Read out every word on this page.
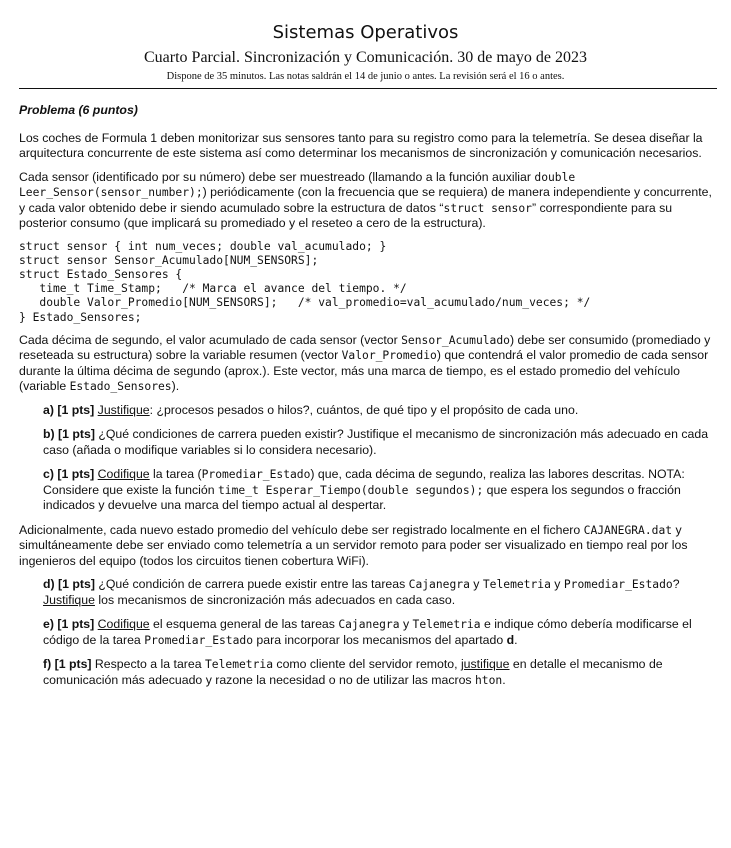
Sistemas Operativos
Cuarto Parcial. Sincronización y Comunicación. 30 de mayo de 2023
Dispone de 35 minutos. Las notas saldrán el 14 de junio o antes. La revisión será el 16 o antes.

Problema (6 puntos)

Los coches de Formula 1 deben monitorizar sus sensores tanto para su registro como para la telemetría. Se desea diseñar la arquitectura concurrente de este sistema así como determinar los mecanismos de sincronización y comunicación necesarios.

Cada sensor (identificado por su número) debe ser muestreado (llamando a la función auxiliar double Leer_Sensor(sensor_number);) periódicamente (con la frecuencia que se requiera) de manera independiente y concurrente, y cada valor obtenido debe ir siendo acumulado sobre la estructura de datos “struct sensor” correspondiente para su posterior consumo (que implicará su promediado y el reseteo a cero de la estructura).

struct sensor { int num_veces; double val_acumulado; }
struct sensor Sensor_Acumulado[NUM_SENSORS];
struct Estado_Sensores {
time_t Time_Stamp;   /* Marca el avance del tiempo. */
double Valor_Promedio[NUM_SENSORS];   /* val_promedio=val_acumulado/num_veces; */
} Estado_Sensores;

Cada décima de segundo, el valor acumulado de cada sensor (vector Sensor_Acumulado) debe ser consumido (promediado y reseteada su estructura) sobre la variable resumen (vector Valor_Promedio) que contendrá el valor promedio de cada sensor durante la última décima de segundo (aprox.). Este vector, más una marca de tiempo, es el estado promedio del vehículo (variable Estado_Sensores).

a) [1 pts] Justifique: ¿procesos pesados o hilos?, cuántos, de qué tipo y el propósito de cada uno.

b) [1 pts] ¿Qué condiciones de carrera pueden existir? Justifique el mecanismo de sincronización más adecuado en cada caso (añada o modifique variables si lo considera necesario).

c) [1 pts] Codifique la tarea (Promediar_Estado) que, cada décima de segundo, realiza las labores descritas. NOTA: Considere que existe la función time_t Esperar_Tiempo(double segundos); que espera los segundos o fracción indicados y devuelve una marca del tiempo actual al despertar.

Adicionalmente, cada nuevo estado promedio del vehículo debe ser registrado localmente en el fichero CAJANEGRA.dat y simultáneamente debe ser enviado como telemetría a un servidor remoto para poder ser visualizado en tiempo real por los ingenieros del equipo (todos los circuitos tienen cobertura WiFi).

d) [1 pts] ¿Qué condición de carrera puede existir entre las tareas Cajanegra y Telemetria y Promediar_Estado? Justifique los mecanismos de sincronización más adecuados en cada caso.

e) [1 pts] Codifique el esquema general de las tareas Cajanegra y Telemetria e indique cómo debería modificarse el código de la tarea Promediar_Estado para incorporar los mecanismos del apartado d.

f) [1 pts] Respecto a la tarea Telemetria como cliente del servidor remoto, justifique en detalle el mecanismo de comunicación más adecuado y razone la necesidad o no de utilizar las macros hton.
